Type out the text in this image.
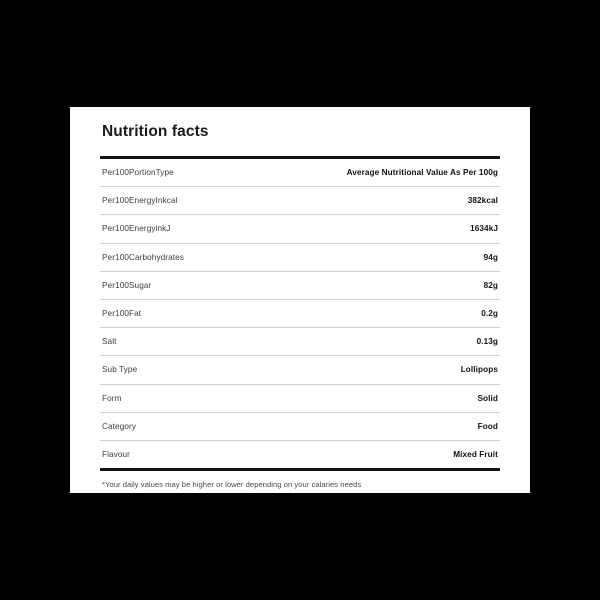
Nutrition facts
Per100PortionType	Average Nutritional Value As Per 100g
Per100EnergyInkcal	382kcal
Per100EnergyinkJ	1634kJ
Per100Carbohydrates	94g
Per100Sugar	82g
Per100Fat	0.2g
Salt	0.13g
Sub Type	Lollipops
Form	Solid
Category	Food
Flavour	Mixed Fruit
*Your daily values may be higher or lower depending on your calaries needs
